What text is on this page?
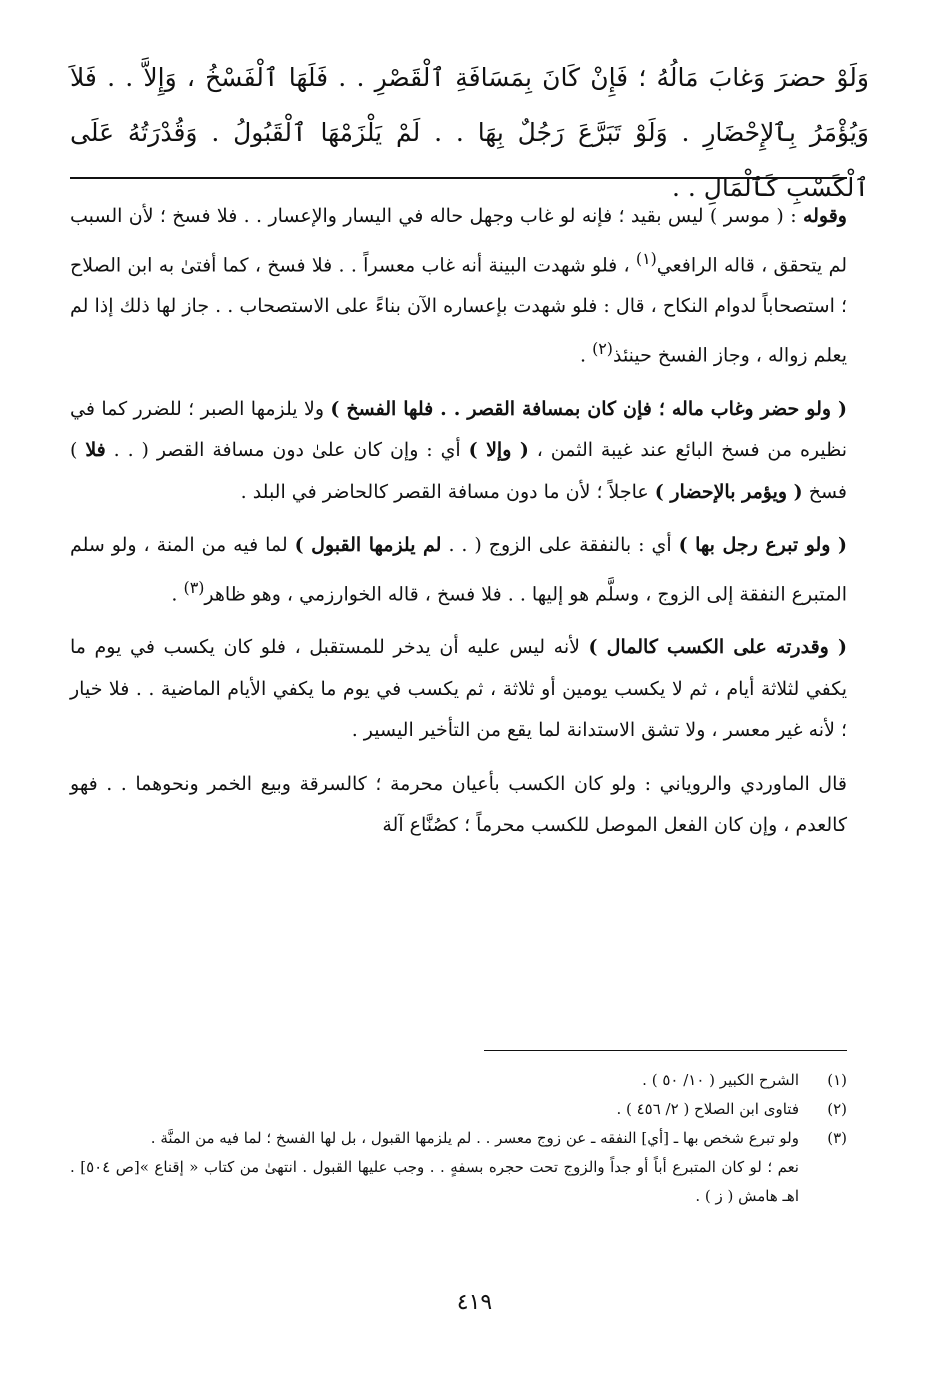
وَلَوْ حضرَ وَغابَ مَالُهُ ؛ فَإِنْ كَانَ بِمَسَافَةِ ٱلْقَصْرِ . . فَلَهَا ٱلْفَسْخُ ، وَإِلاَّ . . فَلاَ وَيُؤْمَرُ بِٱلإِحْضَارِ . وَلَوْ تَبَرَّعَ رَجُلٌ بِهَا . . لَمْ يَلْزَمْهَا ٱلْقَبُولُ . وَقُدْرَتُهُ عَلَى ٱلْكَسْبِ كَٱلْمَالِ . .

وقوله : ( موسر ) ليس بقيد ؛ فإنه لو غاب وجهل حاله في اليسار والإعسار . . فلا فسخ ؛ لأن السبب لم يتحقق ، قاله الرافعي$^{(١)}$ ، فلو شهدت البينة أنه غاب معسراً . . فلا فسخ ، كما أفتىٰ به ابن الصلاح ؛ استصحاباً لدوام النكاح ، قال : فلو شهدت بإعساره الآن بناءً على الاستصحاب . . جاز لها ذلك إذا لم يعلم زواله ، وجاز الفسخ حينئذ$^{(٢)}$ .

( ولو حضر وغاب ماله ؛ فإن كان بمسافة القصر . . فلها الفسخ ) ولا يلزمها الصبر ؛ للضرر كما في نظيره من فسخ البائع عند غيبة الثمن ، ( وإلا ) أي : وإن كان علىٰ دون مسافة القصر ( . . فلا ) فسخ ( ويؤمر بالإحضار ) عاجلاً ؛ لأن ما دون مسافة القصر كالحاضر في البلد .

( ولو تبرع رجل بها ) أي : بالنفقة على الزوج ( . . لم يلزمها القبول ) لما فيه من المنة ، ولو سلم المتبرع النفقة إلى الزوج ، وسلَّم هو إليها . . فلا فسخ ، قاله الخوارزمي ، وهو ظاهر$^{(٣)}$ .

( وقدرته على الكسب كالمال ) لأنه ليس عليه أن يدخر للمستقبل ، فلو كان يكسب في يوم ما يكفي لثلاثة أيام ، ثم لا يكسب يومين أو ثلاثة ، ثم يكسب في يوم ما يكفي الأيام الماضية . . فلا خيار ؛ لأنه غير معسر ، ولا تشق الاستدانة لما يقع من التأخير اليسير .

قال الماوردي والروياني : ولو كان الكسب بأعيان محرمة ؛ كالسرقة وبيع الخمر ونحوهما . . فهو كالعدم ، وإن كان الفعل الموصل للكسب محرماً ؛ كصُنَّاع آلة

(١)
الشرح الكبير ( ١٠/ ٥٠ ) .
(٢)
فتاوى ابن الصلاح ( ٢/ ٤٥٦ ) .
(٣)
ولو تبرع شخص بها ـ [أي] النفقه ـ عن زوج معسر . . لم يلزمها القبول ، بل لها الفسخ ؛ لما فيه من المنَّة .

نعم ؛ لو كان المتبرع أباً أو جداً والزوج تحت حجره بسفهٍ . . وجب عليها القبول . انتهىٰ من كتاب « إقناع »[ص ٥٠٤] . اهـ هامش ( ز ) .

٤١٩
